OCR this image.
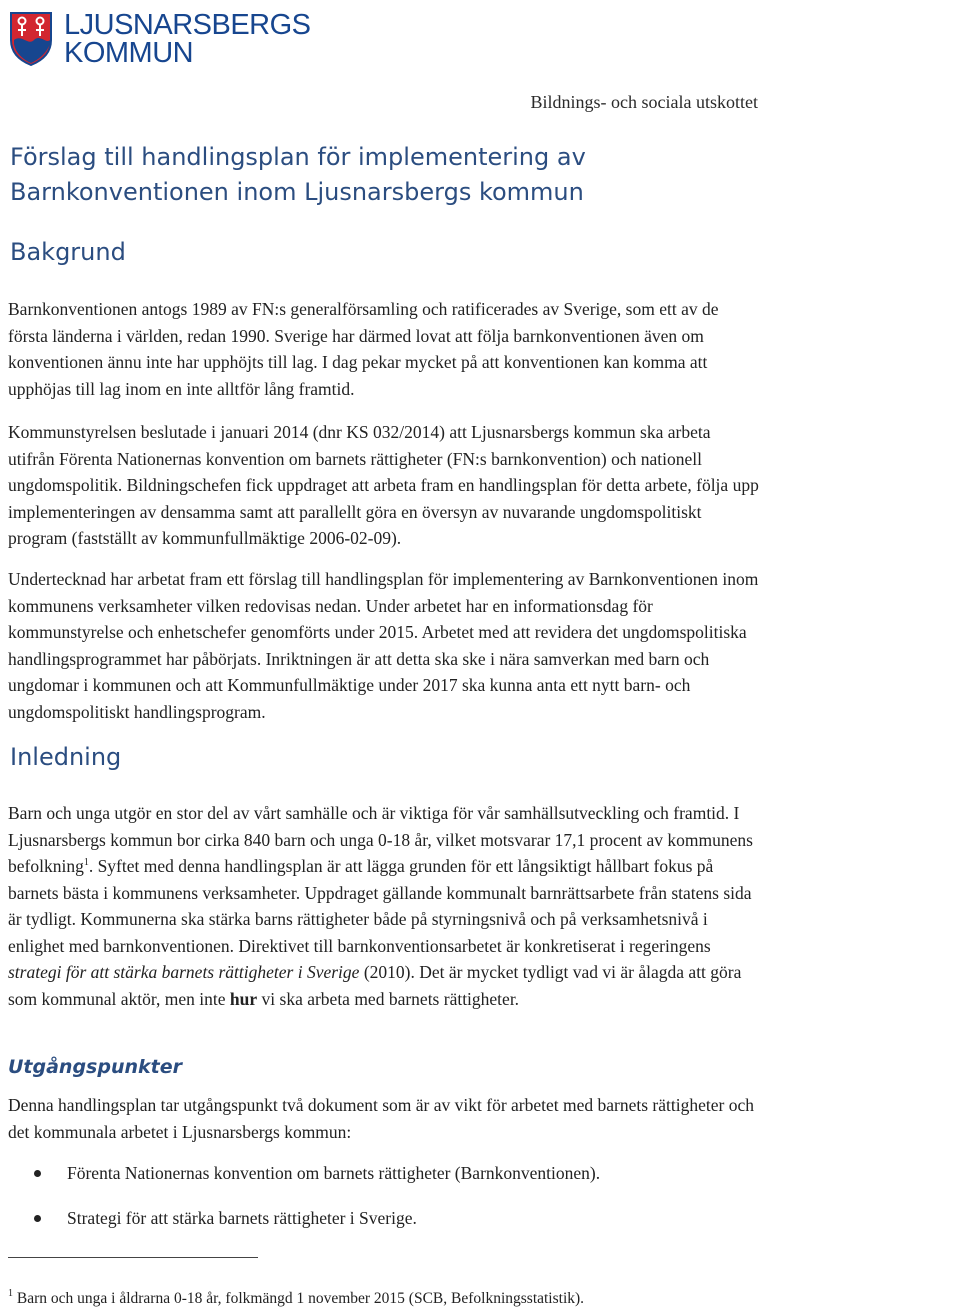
LJUSNARSBERGS
KOMMUN
Bildnings- och sociala utskottet
Förslag till handlingsplan för implementering av Barnkonventionen inom Ljusnarsbergs kommun
Bakgrund

Barnkonventionen antogs 1989 av FN:s generalförsamling och ratificerades av Sverige, som ett av de första länderna i världen, redan 1990. Sverige har därmed lovat att följa barnkonventionen även om konventionen ännu inte har upphöjts till lag. I dag pekar mycket på att konventionen kan komma att upphöjas till lag inom en inte alltför lång framtid.

Kommunstyrelsen beslutade i januari 2014 (dnr KS 032/2014) att Ljusnarsbergs kommun ska arbeta utifrån Förenta Nationernas konvention om barnets rättigheter (FN:s barnkonvention) och nationell ungdomspolitik. Bildningschefen fick uppdraget att arbeta fram en handlingsplan för detta arbete, följa upp implementeringen av densamma samt att parallellt göra en översyn av nuvarande ungdomspolitiskt program (fastställt av kommunfullmäktige 2006-02-09).

Undertecknad har arbetat fram ett förslag till handlingsplan för implementering av Barnkonventionen inom kommunens verksamheter vilken redovisas nedan. Under arbetet har en informationsdag för kommunstyrelse och enhetschefer genomförts under 2015. Arbetet med att revidera det ungdomspolitiska handlingsprogrammet har påbörjats. Inriktningen är att detta ska ske i nära samverkan med barn och ungdomar i kommunen och att Kommunfullmäktige under 2017 ska kunna anta ett nytt barn- och ungdomspolitiskt handlingsprogram.

Inledning

Barn och unga utgör en stor del av vårt samhälle och är viktiga för vår samhällsutveckling och framtid. I Ljusnarsbergs kommun bor cirka 840 barn och unga 0-18 år, vilket motsvarar 17,1 procent av kommunens befolkning$^1$. Syftet med denna handlingsplan är att lägga grunden för ett långsiktigt hållbart fokus på barnets bästa i kommunens verksamheter. Uppdraget gällande kommunalt barnrättsarbete från statens sida är tydligt. Kommunerna ska stärka barns rättigheter både på styrningsnivå och på verksamhetsnivå i enlighet med barnkonventionen. Direktivet till barnkonventionsarbetet är konkretiserat i regeringens strategi för att stärka barnets rättigheter i Sverige (2010). Det är mycket tydligt vad vi är ålagda att göra som kommunal aktör, men inte hur vi ska arbeta med barnets rättigheter.

Utgångspunkter

Denna handlingsplan tar utgångspunkt två dokument som är av vikt för arbetet med barnets rättigheter och det kommunala arbetet i Ljusnarsbergs kommun:

Förenta Nationernas konvention om barnets rättigheter (Barnkonventionen).
Strategi för att stärka barnets rättigheter i Sverige.
$^1$ Barn och unga i åldrarna 0-18 år, folkmängd 1 november 2015 (SCB, Befolkningsstatistik).
